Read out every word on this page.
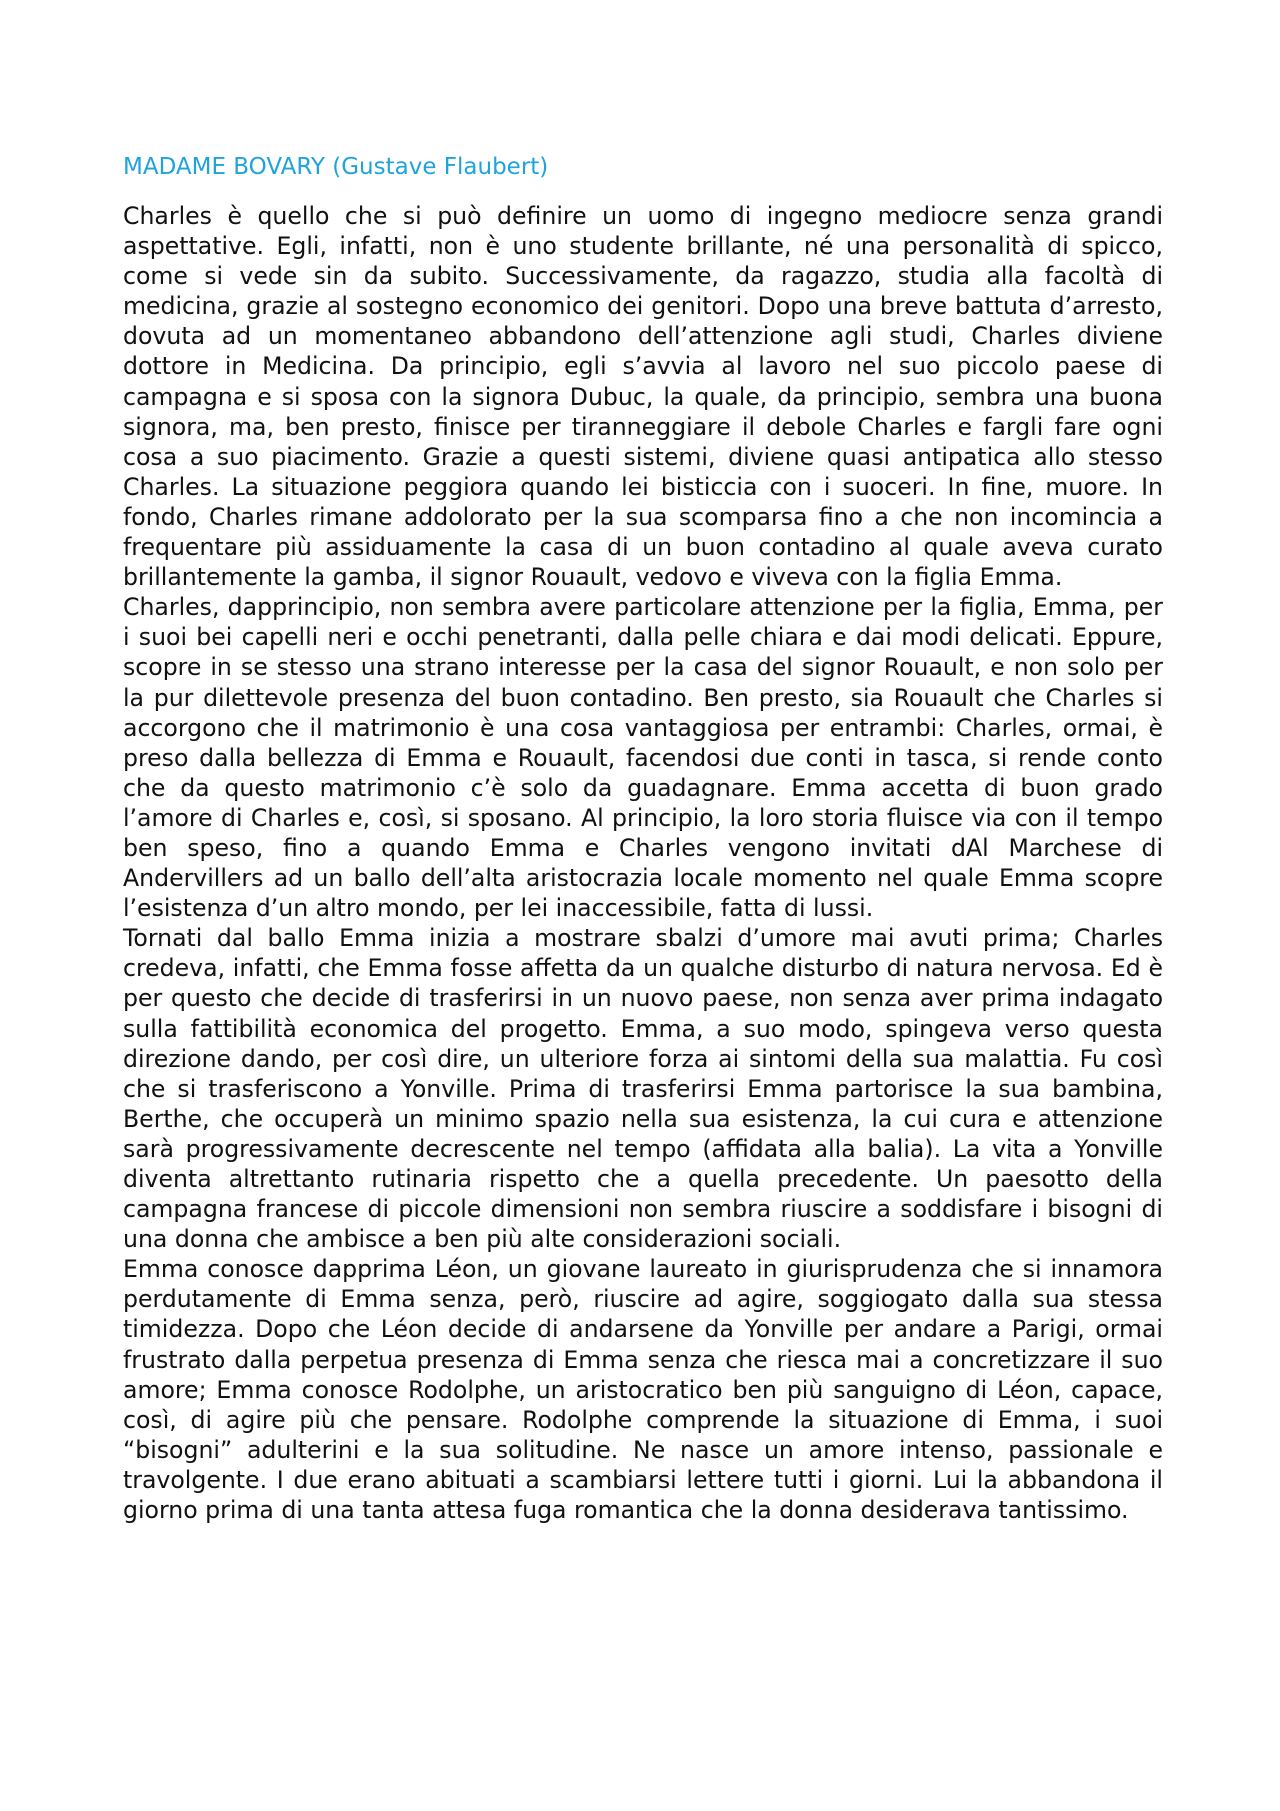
MADAME BOVARY (Gustave Flaubert)

Charles è quello che si può definire un uomo di ingegno mediocre senza grandi aspettative. Egli, infatti, non è uno studente brillante, né una personalità di spicco, come si vede sin da subito. Successivamente, da ragazzo, studia alla facoltà di medicina, grazie al sostegno economico dei genitori. Dopo una breve battuta d’arresto, dovuta ad un momentaneo abbandono dell’attenzione agli studi, Charles diviene dottore in Medicina. Da principio, egli s’avvia al lavoro nel suo piccolo paese di campagna e si sposa con la signora Dubuc, la quale, da principio, sembra una buona signora, ma, ben presto, finisce per tiranneggiare il debole Charles e fargli fare ogni cosa a suo piacimento. Grazie a questi sistemi, diviene quasi antipatica allo stesso Charles. La situazione peggiora quando lei bisticcia con i suoceri. In fine, muore. In fondo, Charles rimane addolorato per la sua scomparsa fino a che non incomincia a frequentare più assiduamente la casa di un buon contadino al quale aveva curato brillantemente la gamba, il signor Rouault, vedovo e viveva con la figlia Emma.

Charles, dapprincipio, non sembra avere particolare attenzione per la figlia, Emma, per i suoi bei capelli neri e occhi penetranti, dalla pelle chiara e dai modi delicati. Eppure, scopre in se stesso una strano interesse per la casa del signor Rouault, e non solo per la pur dilettevole presenza del buon contadino. Ben presto, sia Rouault che Charles si accorgono che il matrimonio è una cosa vantaggiosa per entrambi: Charles, ormai, è preso dalla bellezza di Emma e Rouault, facendosi due conti in tasca, si rende conto che da questo matrimonio c’è solo da guadagnare. Emma accetta di buon grado l’amore di Charles e, così, si sposano. Al principio, la loro storia fluisce via con il tempo ben speso, fino a quando Emma e Charles vengono invitati dAl Marchese di Andervillers ad un ballo dell’alta aristocrazia locale momento nel quale Emma scopre l’esistenza d’un altro mondo, per lei inaccessibile, fatta di lussi.

Tornati dal ballo Emma inizia a mostrare sbalzi d’umore mai avuti prima; Charles credeva, infatti, che Emma fosse affetta da un qualche disturbo di natura nervosa. Ed è per questo che decide di trasferirsi in un nuovo paese, non senza aver prima indagato sulla fattibilità economica del progetto. Emma, a suo modo, spingeva verso questa direzione dando, per così dire, un ulteriore forza ai sintomi della sua malattia. Fu così che si trasferiscono a Yonville. Prima di trasferirsi Emma partorisce la sua bambina, Berthe, che occuperà un minimo spazio nella sua esistenza, la cui cura e attenzione sarà progressivamente decrescente nel tempo (affidata alla balia). La vita a Yonville diventa altrettanto rutinaria rispetto che a quella precedente. Un paesotto della campagna francese di piccole dimensioni non sembra riuscire a soddisfare i bisogni di una donna che ambisce a ben più alte considerazioni sociali.

Emma conosce dapprima Léon, un giovane laureato in giurisprudenza che si innamora perdutamente di Emma senza, però, riuscire ad agire, soggiogato dalla sua stessa timidezza. Dopo che Léon decide di andarsene da Yonville per andare a Parigi, ormai frustrato dalla perpetua presenza di Emma senza che riesca mai a concretizzare il suo amore; Emma conosce Rodolphe, un aristocratico ben più sanguigno di Léon, capace, così, di agire più che pensare. Rodolphe comprende la situazione di Emma, i suoi “bisogni” adulterini e la sua solitudine. Ne nasce un amore intenso, passionale e travolgente. I due erano abituati a scambiarsi lettere tutti i giorni. Lui la abbandona il giorno prima di una tanta attesa fuga romantica che la donna desiderava tantissimo.
